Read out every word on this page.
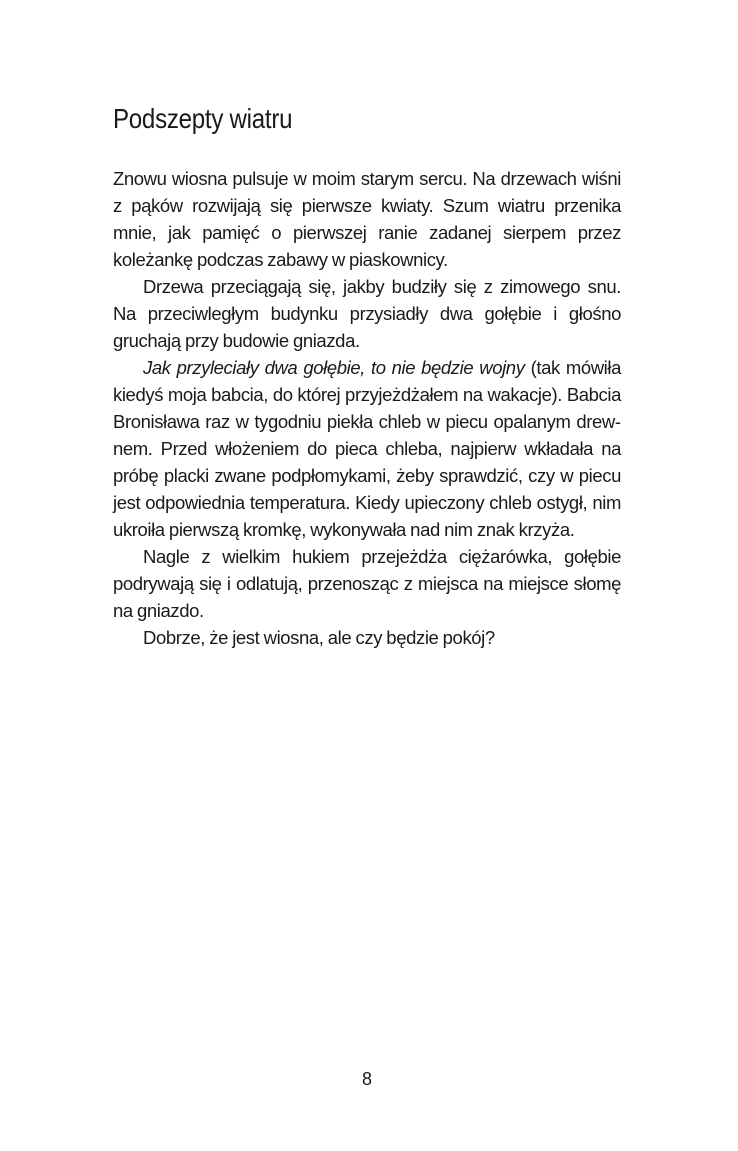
Podszepty wiatru

Znowu wiosna pulsuje w moim starym sercu. Na drzewach wiśni z pąków rozwijają się pierwsze kwiaty. Szum wiatru przenika mnie, jak pamięć o pierwszej ranie zadanej sierpem przez koleżankę podczas zabawy w piaskownicy.

Drzewa przeciągają się, jakby budziły się z zimowego snu. Na przeciwległym budynku przysiadły dwa gołębie i głośno gruchają przy budowie gniazda.

Jak przyleciały dwa gołębie, to nie będzie wojny (tak mówiła kiedyś moja babcia, do której przyjeżdżałem na wakacje). Babcia Bronisława raz w tygodniu piekła chleb w piecu opalanym drewnem. Przed włożeniem do pieca chleba, najpierw wkładała na próbę placki zwane podpłomykami, żeby sprawdzić, czy w piecu jest odpowiednia temperatura. Kiedy upieczony chleb ostygł, nim ukroiła pierwszą kromkę, wykonywała nad nim znak krzyża.

Nagle z wielkim hukiem przejeżdża ciężarówka, gołębie podrywają się i odlatują, przenosząc z miejsca na miejsce słomę na gniazdo.

Dobrze, że jest wiosna, ale czy będzie pokój?

8
